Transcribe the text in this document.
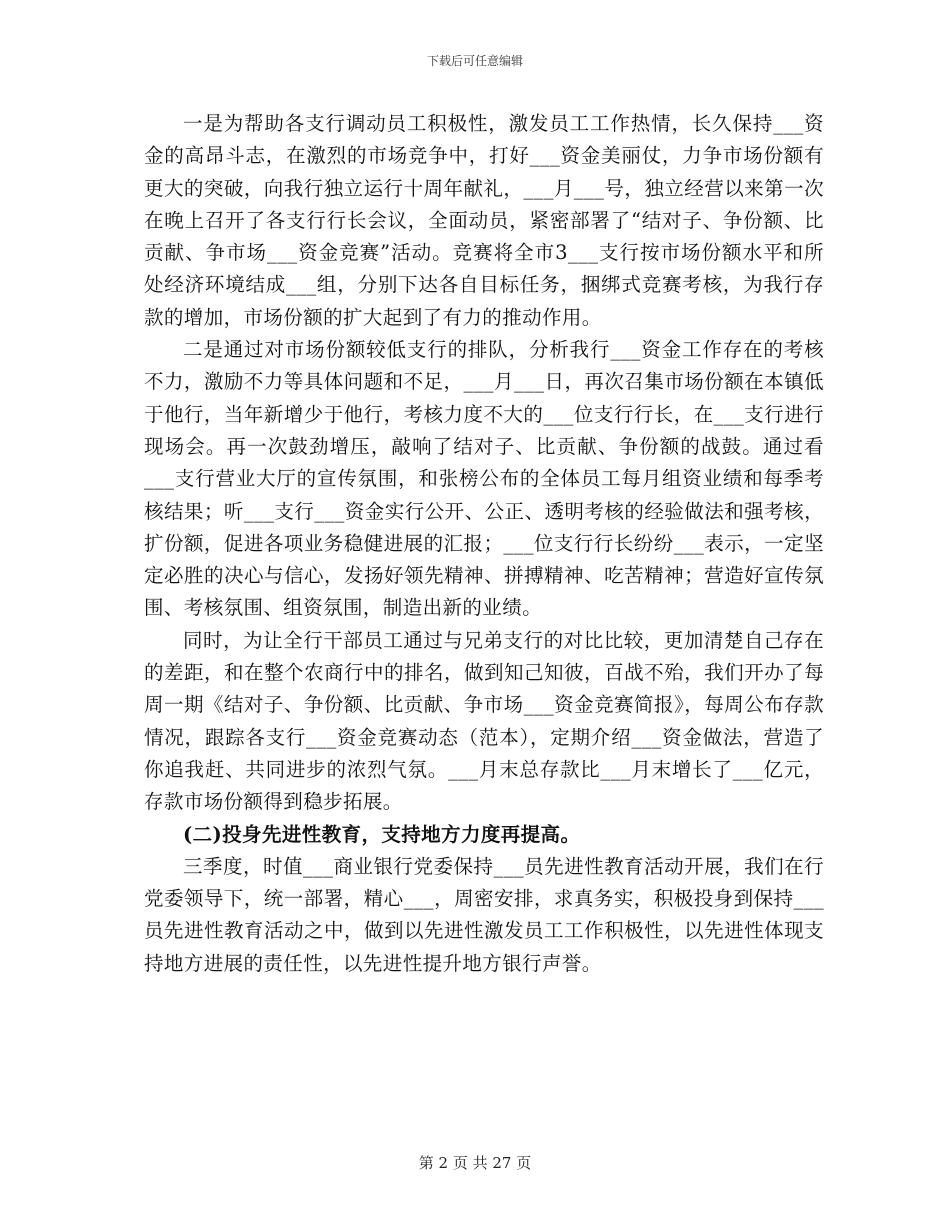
下载后可任意编辑

一是为帮助各支行调动员工积极性，激发员工工作热情，长久保持___资金的高昂斗志，在激烈的市场竞争中，打好___资金美丽仗，力争市场份额有更大的突破，向我行独立运行十周年献礼，___月___号，独立经营以来第一次在晚上召开了各支行行长会议，全面动员，紧密部署了“结对子、争份额、比贡献、争市场___资金竞赛”活动。竞赛将全市3___支行按市场份额水平和所处经济环境结成___组，分别下达各自目标任务，捆绑式竞赛考核，为我行存款的增加，市场份额的扩大起到了有力的推动作用。

二是通过对市场份额较低支行的排队，分析我行___资金工作存在的考核不力，激励不力等具体问题和不足，___月___日，再次召集市场份额在本镇低于他行，当年新增少于他行，考核力度不大的___位支行行长，在___支行进行现场会。再一次鼓劲增压，敲响了结对子、比贡献、争份额的战鼓。通过看___支行营业大厅的宣传氛围，和张榜公布的全体员工每月组资业绩和每季考核结果；听___支行___资金实行公开、公正、透明考核的经验做法和强考核，扩份额，促进各项业务稳健进展的汇报；___位支行行长纷纷___表示，一定坚定必胜的决心与信心，发扬好领先精神、拼搏精神、吃苦精神；营造好宣传氛围、考核氛围、组资氛围，制造出新的业绩。

同时，为让全行干部员工通过与兄弟支行的对比比较，更加清楚自己存在的差距，和在整个农商行中的排名，做到知己知彼，百战不殆，我们开办了每周一期《结对子、争份额、比贡献、争市场___资金竞赛简报》，每周公布存款情况，跟踪各支行___资金竞赛动态（范本），定期介绍___资金做法，营造了你追我赶、共同进步的浓烈气氛。___月末总存款比___月末增长了___亿元，存款市场份额得到稳步拓展。

(二)投身先进性教育，支持地方力度再提高。

三季度，时值___商业银行党委保持___员先进性教育活动开展，我们在行党委领导下，统一部署，精心___，周密安排，求真务实，积极投身到保持___员先进性教育活动之中，做到以先进性激发员工工作积极性，以先进性体现支持地方进展的责任性，以先进性提升地方银行声誉。

第 2 页 共 27 页
